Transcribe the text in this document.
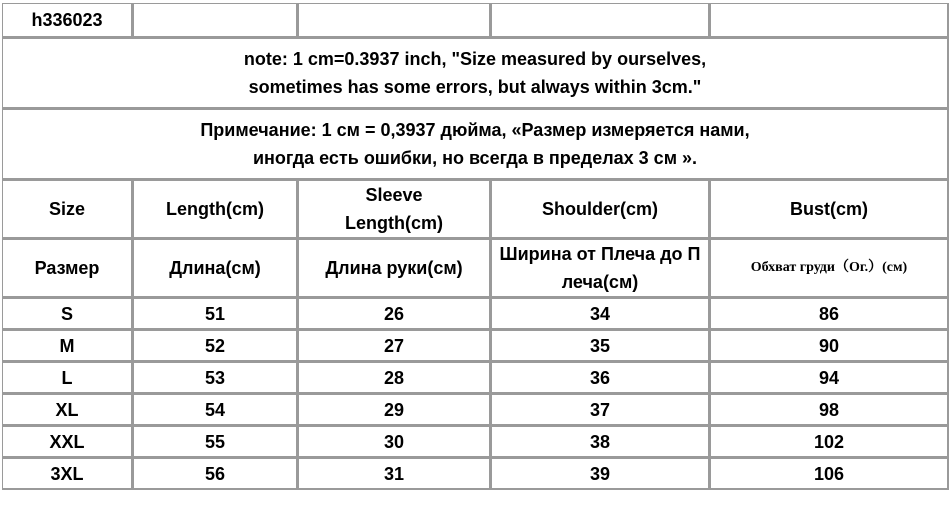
h336023				

note: 1 cm=0.3937 inch, "Size measured by ourselves,
sometimes has some errors, but always within 3cm."				

Примечание: 1 см = 0,3937 дюйма, «Размер измеряется нами,
иногда есть ошибки, но всегда в пределах 3 см ».				

Size	Length(cm)	Sleeve Length(cm)	Shoulder(cm)	Bust(cm)
Размер	Длина(см)	Длина руки(см)	Ширина от Плеча до Плеча(см)	Обхват груди（Ог.）(см)
S	51	26	34	86
M	52	27	35	90
L	53	28	36	94
XL	54	29	37	98
XXL	55	30	38	102
3XL	56	31	39	106
